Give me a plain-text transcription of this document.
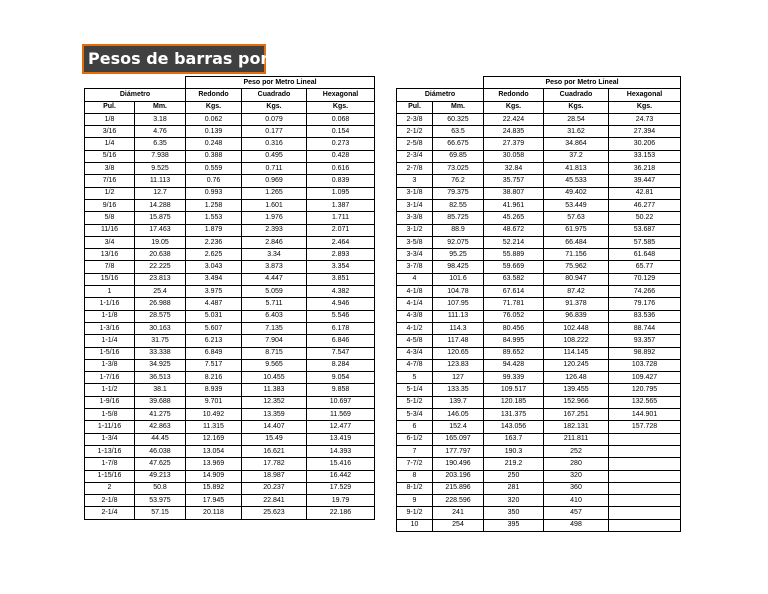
Pesos de barras por ml.
		Peso por Metro Lineal		
Diámetro		Redondo	Cuadrado	Hexagonal
Pul.	Mm.	Kgs.	Kgs.	Kgs.
1/8	3.18	0.062	0.079	0.068
3/16	4.76	0.139	0.177	0.154
1/4	6.35	0.248	0.316	0.273
5/16	7.938	0.388	0.495	0.428
3/8	9.525	0.559	0.711	0.616
7/16	11.113	0.76	0.969	0.839
1/2	12.7	0.993	1.265	1.095
9/16	14.288	1.258	1.601	1.387
5/8	15.875	1.553	1.976	1.711
11/16	17.463	1.879	2.393	2.071
3/4	19.05	2.236	2.846	2.464
13/16	20.638	2.625	3.34	2.893
7/8	22.225	3.043	3.873	3.354
15/16	23.813	3.494	4.447	3.851
1	25.4	3.975	5.059	4.382
1-1/16	26.988	4.487	5.711	4.946
1-1/8	28.575	5.031	6.403	5.546
1-3/16	30.163	5.607	7.135	6.178
1-1/4	31.75	6.213	7.904	6.846
1-5/16	33.338	6.849	8.715	7.547
1-3/8	34.925	7.517	9.565	8.284
1-7/16	36.513	8.216	10.455	9.054
1-1/2	38.1	8.939	11.383	9.858
1-9/16	39.688	9.701	12.352	10.697
1-5/8	41.275	10.492	13.359	11.569
1-11/16	42.863	11.315	14.407	12.477
1-3/4	44.45	12.169	15.49	13.419
1-13/16	46.038	13.054	16.621	14.393
1-7/8	47.625	13.969	17.782	15.416
1-15/16	49.213	14.909	18.987	16.442
2	50.8	15.892	20.237	17.529
2-1/8	53.975	17.945	22.841	19.79
2-1/4	57.15	20.118	25.623	22.186
		Peso por Metro Lineal		
Diámetro		Redondo	Cuadrado	Hexagonal
Pul.	Mm.	Kgs.	Kgs.	Kgs.
2-3/8	60.325	22.424	28.54	24.73
2-1/2	63.5	24.835	31.62	27.394
2-5/8	66.675	27.379	34.864	30.206
2-3/4	69.85	30.058	37.2	33.153
2-7/8	73.025	32.84	41.813	36.218
3	76.2	35.757	45.533	39.447
3-1/8	79.375	38.807	49.402	42.81
3-1/4	82.55	41.961	53.449	46.277
3-3/8	85.725	45.265	57.63	50.22
3-1/2	88.9	48.672	61.975	53.687
3-5/8	92.075	52.214	66.484	57.585
3-3/4	95.25	55.889	71.156	61.648
3-7/8	98.425	59.669	75.962	65.77
4	101.6	63.582	80.947	70.129
4-1/8	104.78	67.614	87.42	74.266
4-1/4	107.95	71.781	91.378	79.176
4-3/8	111.13	76.052	96.839	83.536
4-1/2	114.3	80.456	102.448	88.744
4-5/8	117.48	84.995	108.222	93.357
4-3/4	120.65	89.652	114.145	98.892
4-7/8	123.83	94.428	120.245	103.728
5	127	99.339	126.48	109.427
5-1/4	133.35	109.517	139.455	120.795
5-1/2	139.7	120.185	152.966	132.565
5-3/4	146.05	131.375	167.251	144.901
6	152.4	143.056	182.131	157.728
6-1/2	165.097	163.7	211.811	
7	177.797	190.3	252	
7-7/2	190.496	219.2	280	
8	203.196	250	320	
8-1/2	215.896	281	360	
9	228.596	320	410	
9-1/2	241	350	457	
10	254	395	498	
